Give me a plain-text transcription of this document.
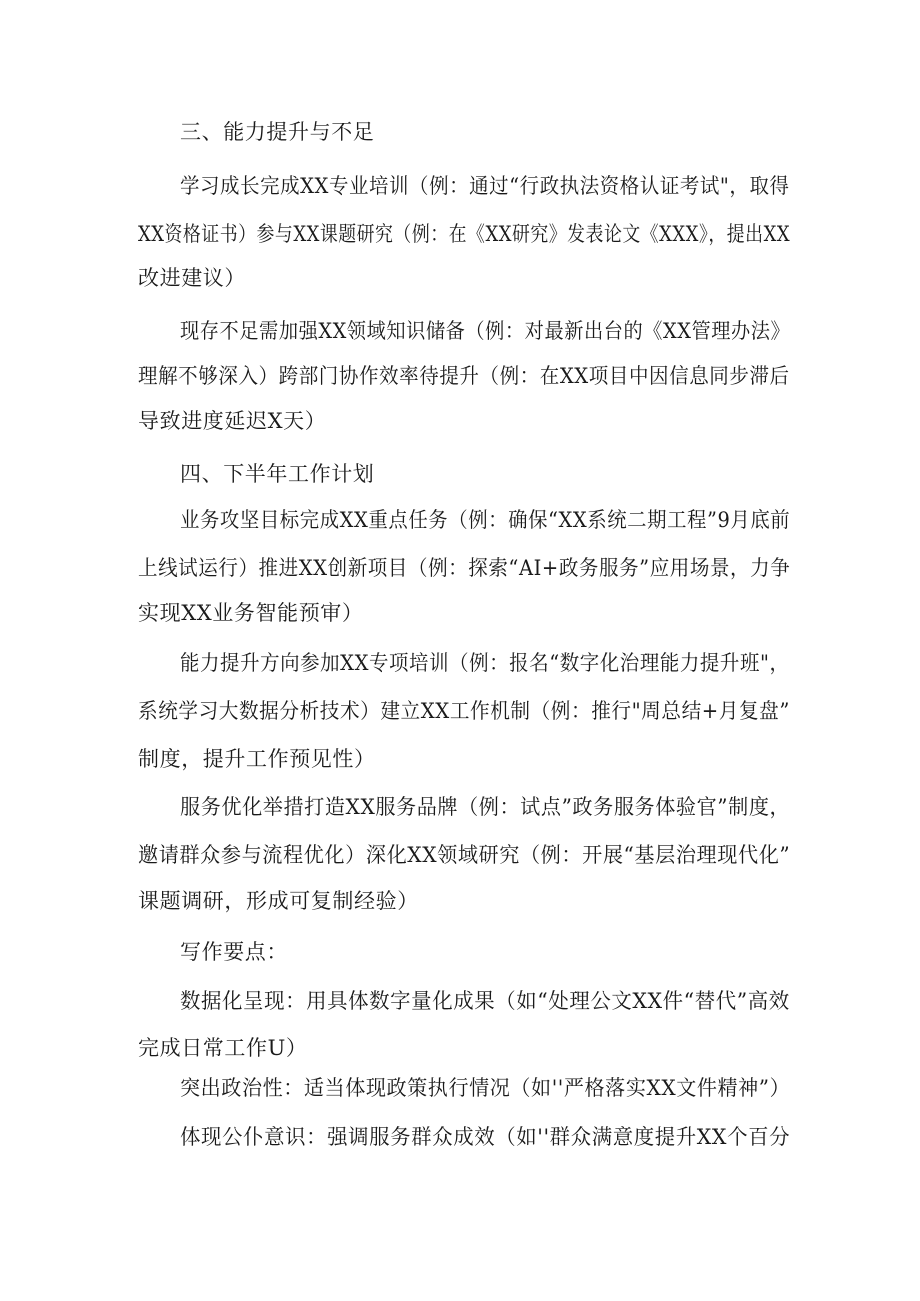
三、能力提升与不足
学习成长完成XX专业培训（例：通过“行政执法资格认证考试"，取得
XX资格证书）参与XX课题研究（例：在《XX研究》发表论文《XXX》，提出XX
改进建议）
现存不足需加强XX领域知识储备（例：对最新出台的《XX管理办法》
理解不够深入）跨部门协作效率待提升（例：在XX项目中因信息同步滞后
导致进度延迟X天）
四、下半年工作计划
业务攻坚目标完成XX重点任务（例：确保“XX系统二期工程”9月底前
上线试运行）推进XX创新项目（例：探索“AI+政务服务”应用场景，力争
实现XX业务智能预审）
能力提升方向参加XX专项培训（例：报名“数字化治理能力提升班"，
系统学习大数据分析技术）建立XX工作机制（例：推行"周总结+月复盘”
制度，提升工作预见性）
服务优化举措打造XX服务品牌（例：试点”政务服务体验官”制度，
邀请群众参与流程优化）深化XX领域研究（例：开展“基层治理现代化”
课题调研，形成可复制经验）
写作要点：
数据化呈现：用具体数字量化成果（如“处理公文XX件“替代”高效
完成日常工作U）
突出政治性：适当体现政策执行情况（如''严格落实XX文件精神”）
体现公仆意识：强调服务群众成效（如''群众满意度提升XX个百分
